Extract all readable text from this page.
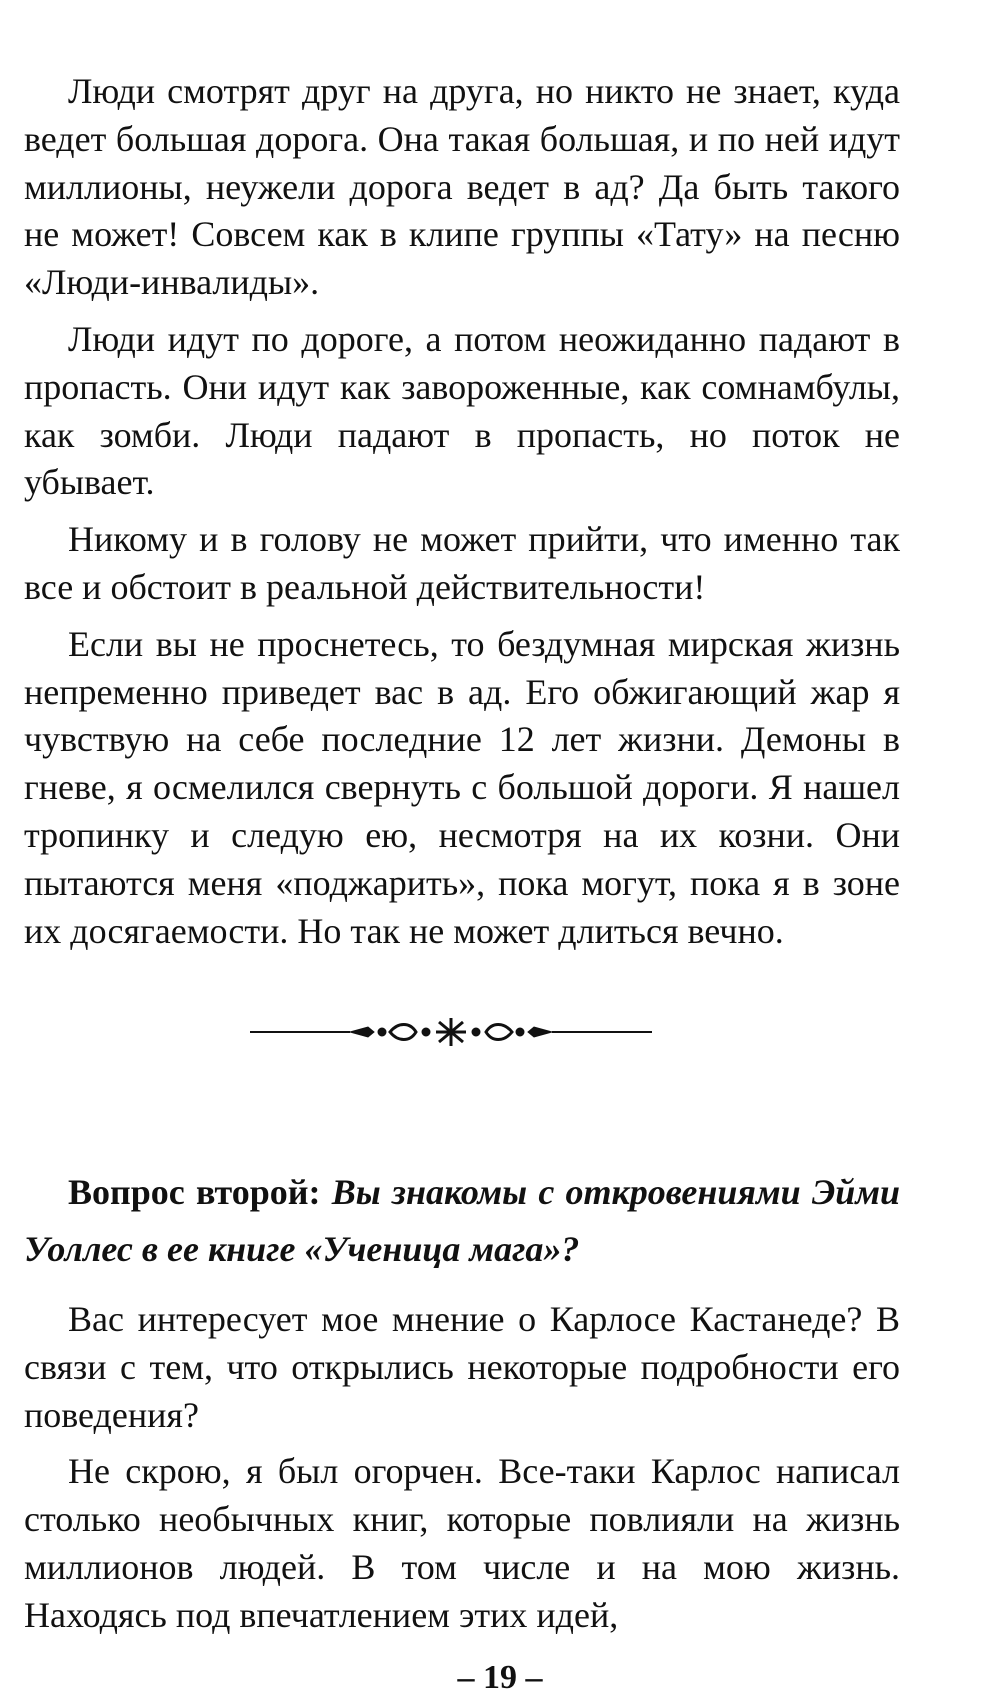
Люди смотрят друг на друга, но никто не знает, куда ведет большая дорога. Она такая большая, и по ней идут миллионы, неужели дорога ведет в ад? Да быть такого не может! Совсем как в клипе группы «Тату» на песню «Люди-инвалиды».

Люди идут по дороге, а потом неожиданно падают в пропасть. Они идут как завороженные, как сомнамбулы, как зомби. Люди падают в пропасть, но поток не убывает.

Никому и в голову не может прийти, что именно так все и обстоит в реальной действительности!

Если вы не проснетесь, то бездумная мирская жизнь непременно приведет вас в ад. Его обжигающий жар я чувствую на себе последние 12 лет жизни. Демоны в гневе, я осмелился свернуть с большой дороги. Я нашел тропинку и следую ею, несмотря на их козни. Они пытаются меня «поджарить», пока могут, пока я в зоне их досягаемости. Но так не может длиться вечно.

Вопрос второй: Вы знакомы с откровениями Эйми Уоллес в ее книге «Ученица мага»?

Вас интересует мое мнение о Карлосе Кастанеде? В связи с тем, что открылись некоторые подробности его поведения?

Не скрою, я был огорчен. Все-таки Карлос написал столько необычных книг, которые повлияли на жизнь миллионов людей. В том числе и на мою жизнь. Находясь под впечатлением этих идей,

– 19 –
